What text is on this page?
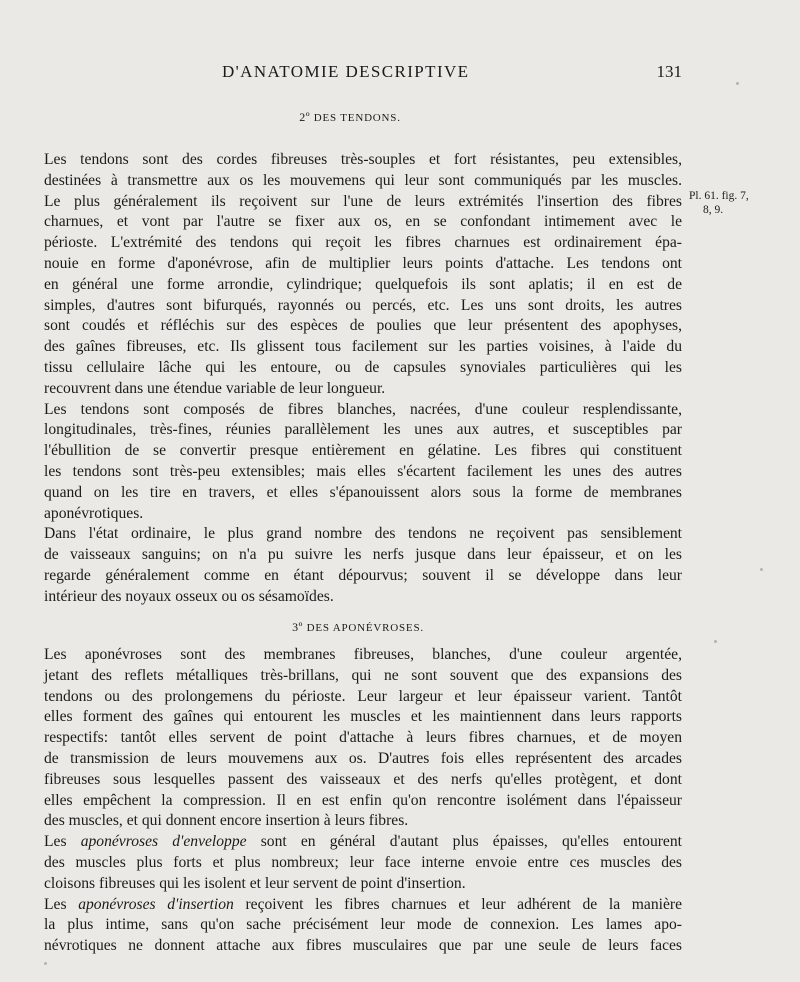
D'ANATOMIE DESCRIPTIVE	131
2º DES TENDONS.
Les tendons sont des cordes fibreuses très-souples et fort résistantes, peu extensibles,
destinées à transmettre aux os les mouvemens qui leur sont communiqués par les muscles.
Le plus généralement ils reçoivent sur l'une de leurs extrémités l'insertion des fibres
charnues, et vont par l'autre se fixer aux os, en se confondant intimement avec le
périoste. L'extrémité des tendons qui reçoit les fibres charnues est ordinairement épa-
nouie en forme d'aponévrose, afin de multiplier leurs points d'attache. Les tendons ont
en général une forme arrondie, cylindrique; quelquefois ils sont aplatis; il en est de
simples, d'autres sont bifurqués, rayonnés ou percés, etc. Les uns sont droits, les autres
sont coudés et réfléchis sur des espèces de poulies que leur présentent des apophyses,
des gaînes fibreuses, etc. Ils glissent tous facilement sur les parties voisines, à l'aide du
tissu cellulaire lâche qui les entoure, ou de capsules synoviales particulières qui les
recouvrent dans une étendue variable de leur longueur.
Les tendons sont composés de fibres blanches, nacrées, d'une couleur resplendissante,
longitudinales, très-fines, réunies parallèlement les unes aux autres, et susceptibles par
l'ébullition de se convertir presque entièrement en gélatine. Les fibres qui constituent
les tendons sont très-peu extensibles; mais elles s'écartent facilement les unes des autres
quand on les tire en travers, et elles s'épanouissent alors sous la forme de membranes
aponévrotiques.
Dans l'état ordinaire, le plus grand nombre des tendons ne reçoivent pas sensiblement
de vaisseaux sanguins; on n'a pu suivre les nerfs jusque dans leur épaisseur, et on les
regarde généralement comme en étant dépourvus; souvent il se développe dans leur
intérieur des noyaux osseux ou os sésamoïdes.
Pl. 61. fig. 7,
8, 9.
3º DES APONÉVROSES.
Les aponévroses sont des membranes fibreuses, blanches, d'une couleur argentée,
jetant des reflets métalliques très-brillans, qui ne sont souvent que des expansions des
tendons ou des prolongemens du périoste. Leur largeur et leur épaisseur varient. Tantôt
elles forment des gaînes qui entourent les muscles et les maintiennent dans leurs rapports
respectifs: tantôt elles servent de point d'attache à leurs fibres charnues, et de moyen
de transmission de leurs mouvemens aux os. D'autres fois elles représentent des arcades
fibreuses sous lesquelles passent des vaisseaux et des nerfs qu'elles protègent, et dont
elles empêchent la compression. Il en est enfin qu'on rencontre isolément dans l'épaisseur
des muscles, et qui donnent encore insertion à leurs fibres.
Les aponévroses d'enveloppe sont en général d'autant plus épaisses, qu'elles entourent
des muscles plus forts et plus nombreux; leur face interne envoie entre ces muscles des
cloisons fibreuses qui les isolent et leur servent de point d'insertion.
Les aponévroses d'insertion reçoivent les fibres charnues et leur adhérent de la manière
la plus intime, sans qu'on sache précisément leur mode de connexion. Les lames apo-
névrotiques ne donnent attache aux fibres musculaires que par une seule de leurs faces
